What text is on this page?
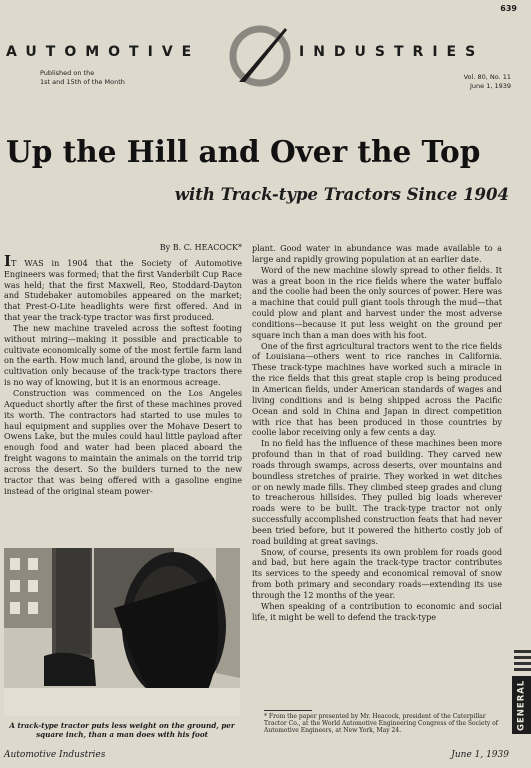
639
AUTOMOTIVE	INDUSTRIES
Published on the
1st and 15th of the Month
Vol. 80, No. 11
June 1, 1939
Up the Hill and Over the Top
with Track-type Tractors Since 1904
By B. C. HEACOCK*

IT WAS in 1904 that the Society of Automotive Engineers was formed; that the first Vanderbilt Cup Race was held; that the first Maxwell, Reo, Stoddard-Dayton and Studebaker automobiles appeared on the market; that Prest-O-Lite headlights were first offered. And in that year the track-type tractor was first produced.

The new machine traveled across the softest footing without miring—making it possible and practicable to cultivate economically some of the most fertile farm land on the earth. How much land, around the globe, is now in cultivation only because of the track-type tractors there is no way of knowing, but it is an enormous acreage.

Construction was commenced on the Los Angeles Aqueduct shortly after the first of these machines proved its worth. The contractors had started to use mules to haul equipment and supplies over the Mohave Desert to Owens Lake, but the mules could haul little payload after enough food and water had been placed aboard the freight wagons to maintain the animals on the torrid trip across the desert. So the builders turned to the new tractor that was being offered with a gasoline engine instead of the original steam power-

plant. Good water in abundance was made available to a large and rapidly growing population at an earlier date.

Word of the new machine slowly spread to other fields. It was a great boon in the rice fields where the water buffalo and the coolie had been the only sources of power. Here was a machine that could pull giant tools through the mud—that could plow and plant and harvest under the most adverse conditions—because it put less weight on the ground per square inch than a man does with his foot.

One of the first agricultural tractors went to the rice fields of Louisiana—others went to rice ranches in California. These track-type machines have worked such a miracle in the rice fields that this great staple crop is being produced in American fields, under American standards of wages and living conditions and is being shipped across the Pacific Ocean and sold in China and Japan in direct competition with rice that has been produced in those countries by coolie labor receiving only a few cents a day.

In no field has the influence of these machines been more profound than in that of road building. They carved new roads through swamps, across deserts, over mountains and boundless stretches of prairie. They worked in wet ditches or on newly made fills. They climbed steep grades and clung to treacherous hillsides. They pulled big loads wherever roads were to be built. The track-type tractor not only successfully accomplished construction feats that had never been tried before, but it powered the hitherto costly job of road building at great savings.

Snow, of course, presents its own problem for roads good and bad, but here again the track-type tractor contributes its services to the speedy and economical removal of snow from both primary and secondary roads—extending its use through the 12 months of the year.

When speaking of a contribution to economic and social life, it might be well to defend the track-type

A track-type tractor puts less weight on the ground, per
square inch, than a man does with his foot
* From the paper presented by Mr. Heacock, president of the Caterpillar Tractor Co., at the World Automotive Engineering Congress of the Society of Automotive Engineers, at New York, May 24.
GENERAL
Automotive Industries	June 1, 1939
